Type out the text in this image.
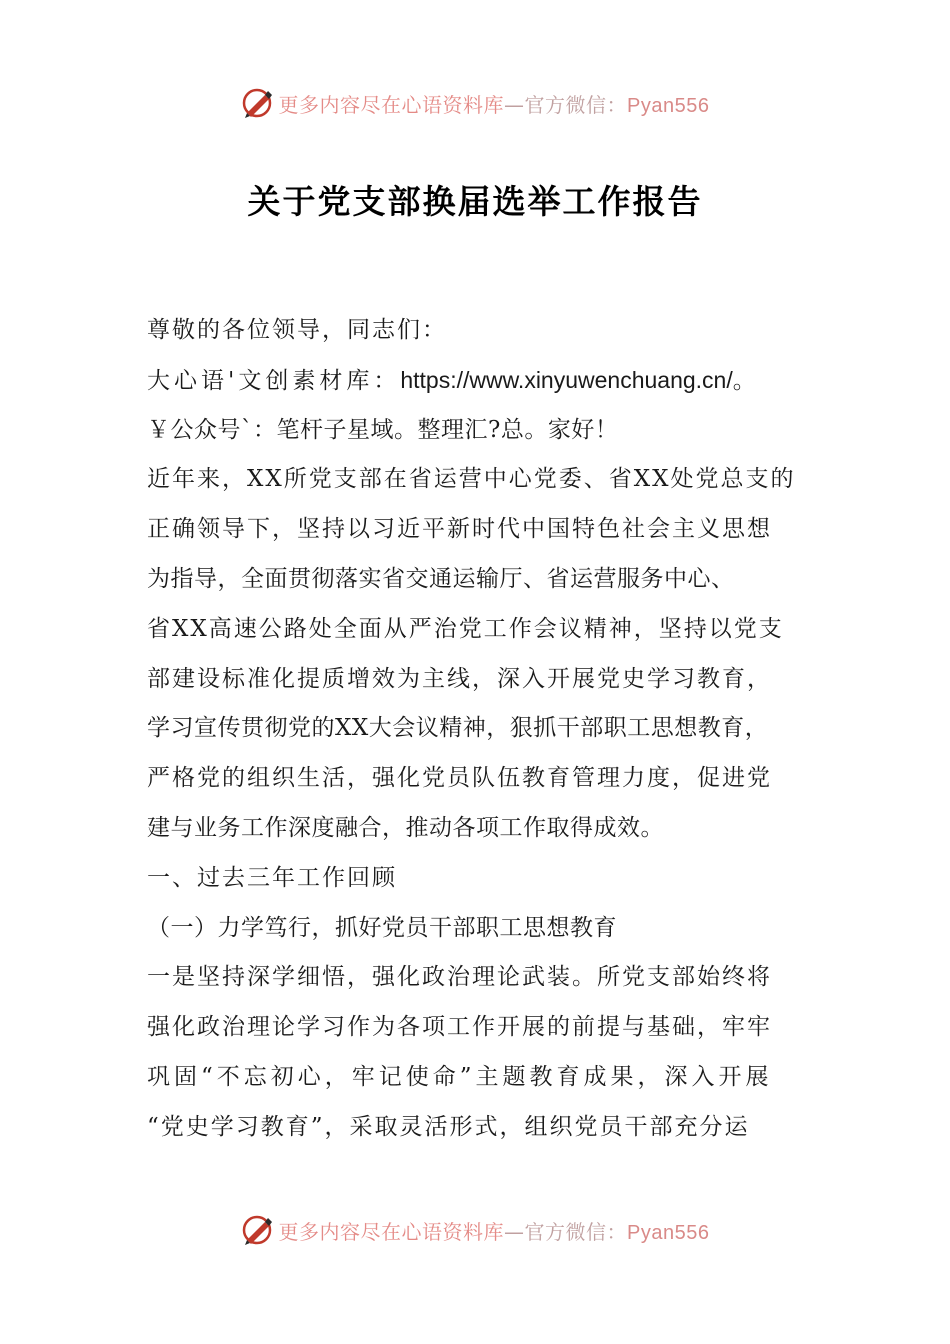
更多内容尽在心语资料库—官方微信：Pyan556
关于党支部换届选举工作报告
尊敬的各位领导，同志们：
大心语'文创素材库：https://www.xinyuwenchuang.cn/。
￥公众号`：笔杆子星域。整理汇?总。家好！
近年来，XX所党支部在省运营中心党委、省XX处党总支的
正确领导下，坚持以习近平新时代中国特色社会主义思想
为指导，全面贯彻落实省交通运输厅、省运营服务中心、
省XX高速公路处全面从严治党工作会议精神，坚持以党支
部建设标准化提质增效为主线，深入开展党史学习教育，
学习宣传贯彻党的XX大会议精神，狠抓干部职工思想教育，
严格党的组织生活，强化党员队伍教育管理力度，促进党
建与业务工作深度融合，推动各项工作取得成效。
一、过去三年工作回顾
（一）力学笃行，抓好党员干部职工思想教育
一是坚持深学细悟，强化政治理论武装。所党支部始终将
强化政治理论学习作为各项工作开展的前提与基础，牢牢
巩固“不忘初心，牢记使命”主题教育成果，深入开展
“党史学习教育”，采取灵活形式，组织党员干部充分运
更多内容尽在心语资料库—官方微信：Pyan556
